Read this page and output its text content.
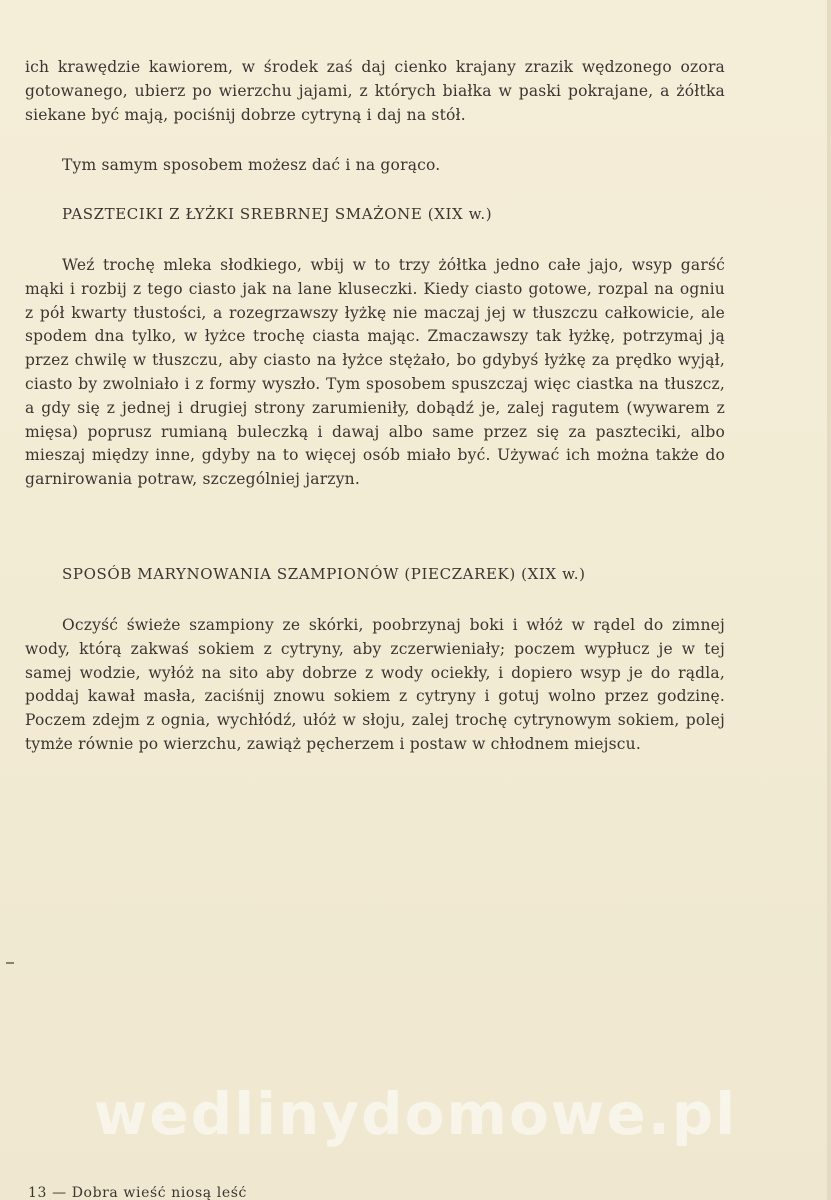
ich krawędzie kawiorem, w środek zaś daj cienko krajany zrazik wędzonego ozora gotowanego, ubierz po wierzchu jajami, z których białka w paski pokrajane, a żółtka siekane być mają, pociśnij dobrze cytryną i daj na stół.

Tym samym sposobem możesz dać i na gorąco.

PASZTECIKI Z ŁYŻKI SREBRNEJ SMAŻONE (XIX w.)

Weź trochę mleka słodkiego, wbij w to trzy żółtka jedno całe jajo, wsyp garść mąki i rozbij z tego ciasto jak na lane kluseczki. Kiedy ciasto gotowe, rozpal na ogniu z pół kwarty tłustości, a rozegrzawszy łyżkę nie maczaj jej w tłuszczu całkowicie, ale spodem dna tylko, w łyżce trochę ciasta mając. Zmaczawszy tak łyżkę, potrzymaj ją przez chwilę w tłuszczu, aby ciasto na łyżce stężało, bo gdybyś łyżkę za prędko wyjął, ciasto by zwolniało i z formy wyszło. Tym sposobem spuszczaj więc ciastka na tłuszcz, a gdy się z jednej i drugiej strony zarumieniły, dobądź je, zalej ragutem (wywarem z mięsa) poprusz rumianą buleczką i dawaj albo same przez się za paszteciki, albo mieszaj między inne, gdyby na to więcej osób miało być. Używać ich można także do garnirowania potraw, szczególniej jarzyn.

SPOSÓB MARYNOWANIA SZAMPIONÓW (PIECZAREK) (XIX w.)

Oczyść świeże szampiony ze skórki, poobrzynaj boki i włóż w rądel do zimnej wody, którą zakwaś sokiem z cytryny, aby zczerwieniały; poczem wypłucz je w tej samej wodzie, wyłóż na sito aby dobrze z wody ociekły, i dopiero wsyp je do rądla, poddaj kawał masła, zaciśnij znowu sokiem z cytryny i gotuj wolno przez godzinę. Poczem zdejm z ognia, wychłódź, ułóż w słoju, zalej trochę cytrynowym sokiem, polej tymże równie po wierzchu, zawiąż pęcherzem i postaw w chłodnem miejscu.

wedlinydomowe.pl

13 — Dobra wieść niosą leść
